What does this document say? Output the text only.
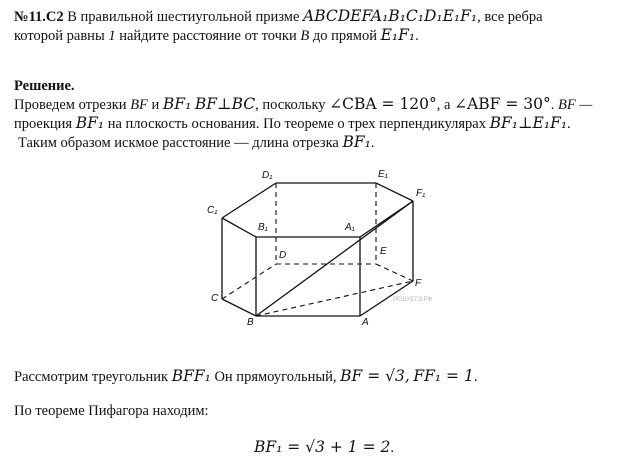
№11.C2 В правильной шестиугольной призме ABCDEFA₁B₁C₁D₁E₁F₁, все ребра
которой равны 1 найдите расстояние от точки B до прямой E₁F₁.
Решение.
Проведем отрезки BF и BF₁ BF⊥BC, поскольку ∠CBA = 120°, а ∠ABF = 30°. BF —
проекция BF₁ на плоскость основания. По теореме о трех перпендикулярах BF₁⊥E₁F₁.
Таким образом искмое расстояние — длина отрезка BF₁.
D₁	E₁
F₁
C₁
B₁	A₁
D	E
F
C
B	A
РЕШУЕГЭ.РФ
Рассмотрим треугольник BFF₁ Он прямоугольный, BF = √3, FF₁ = 1.
По теореме Пифагора находим:
BF₁ = √3 + 1 = 2.
